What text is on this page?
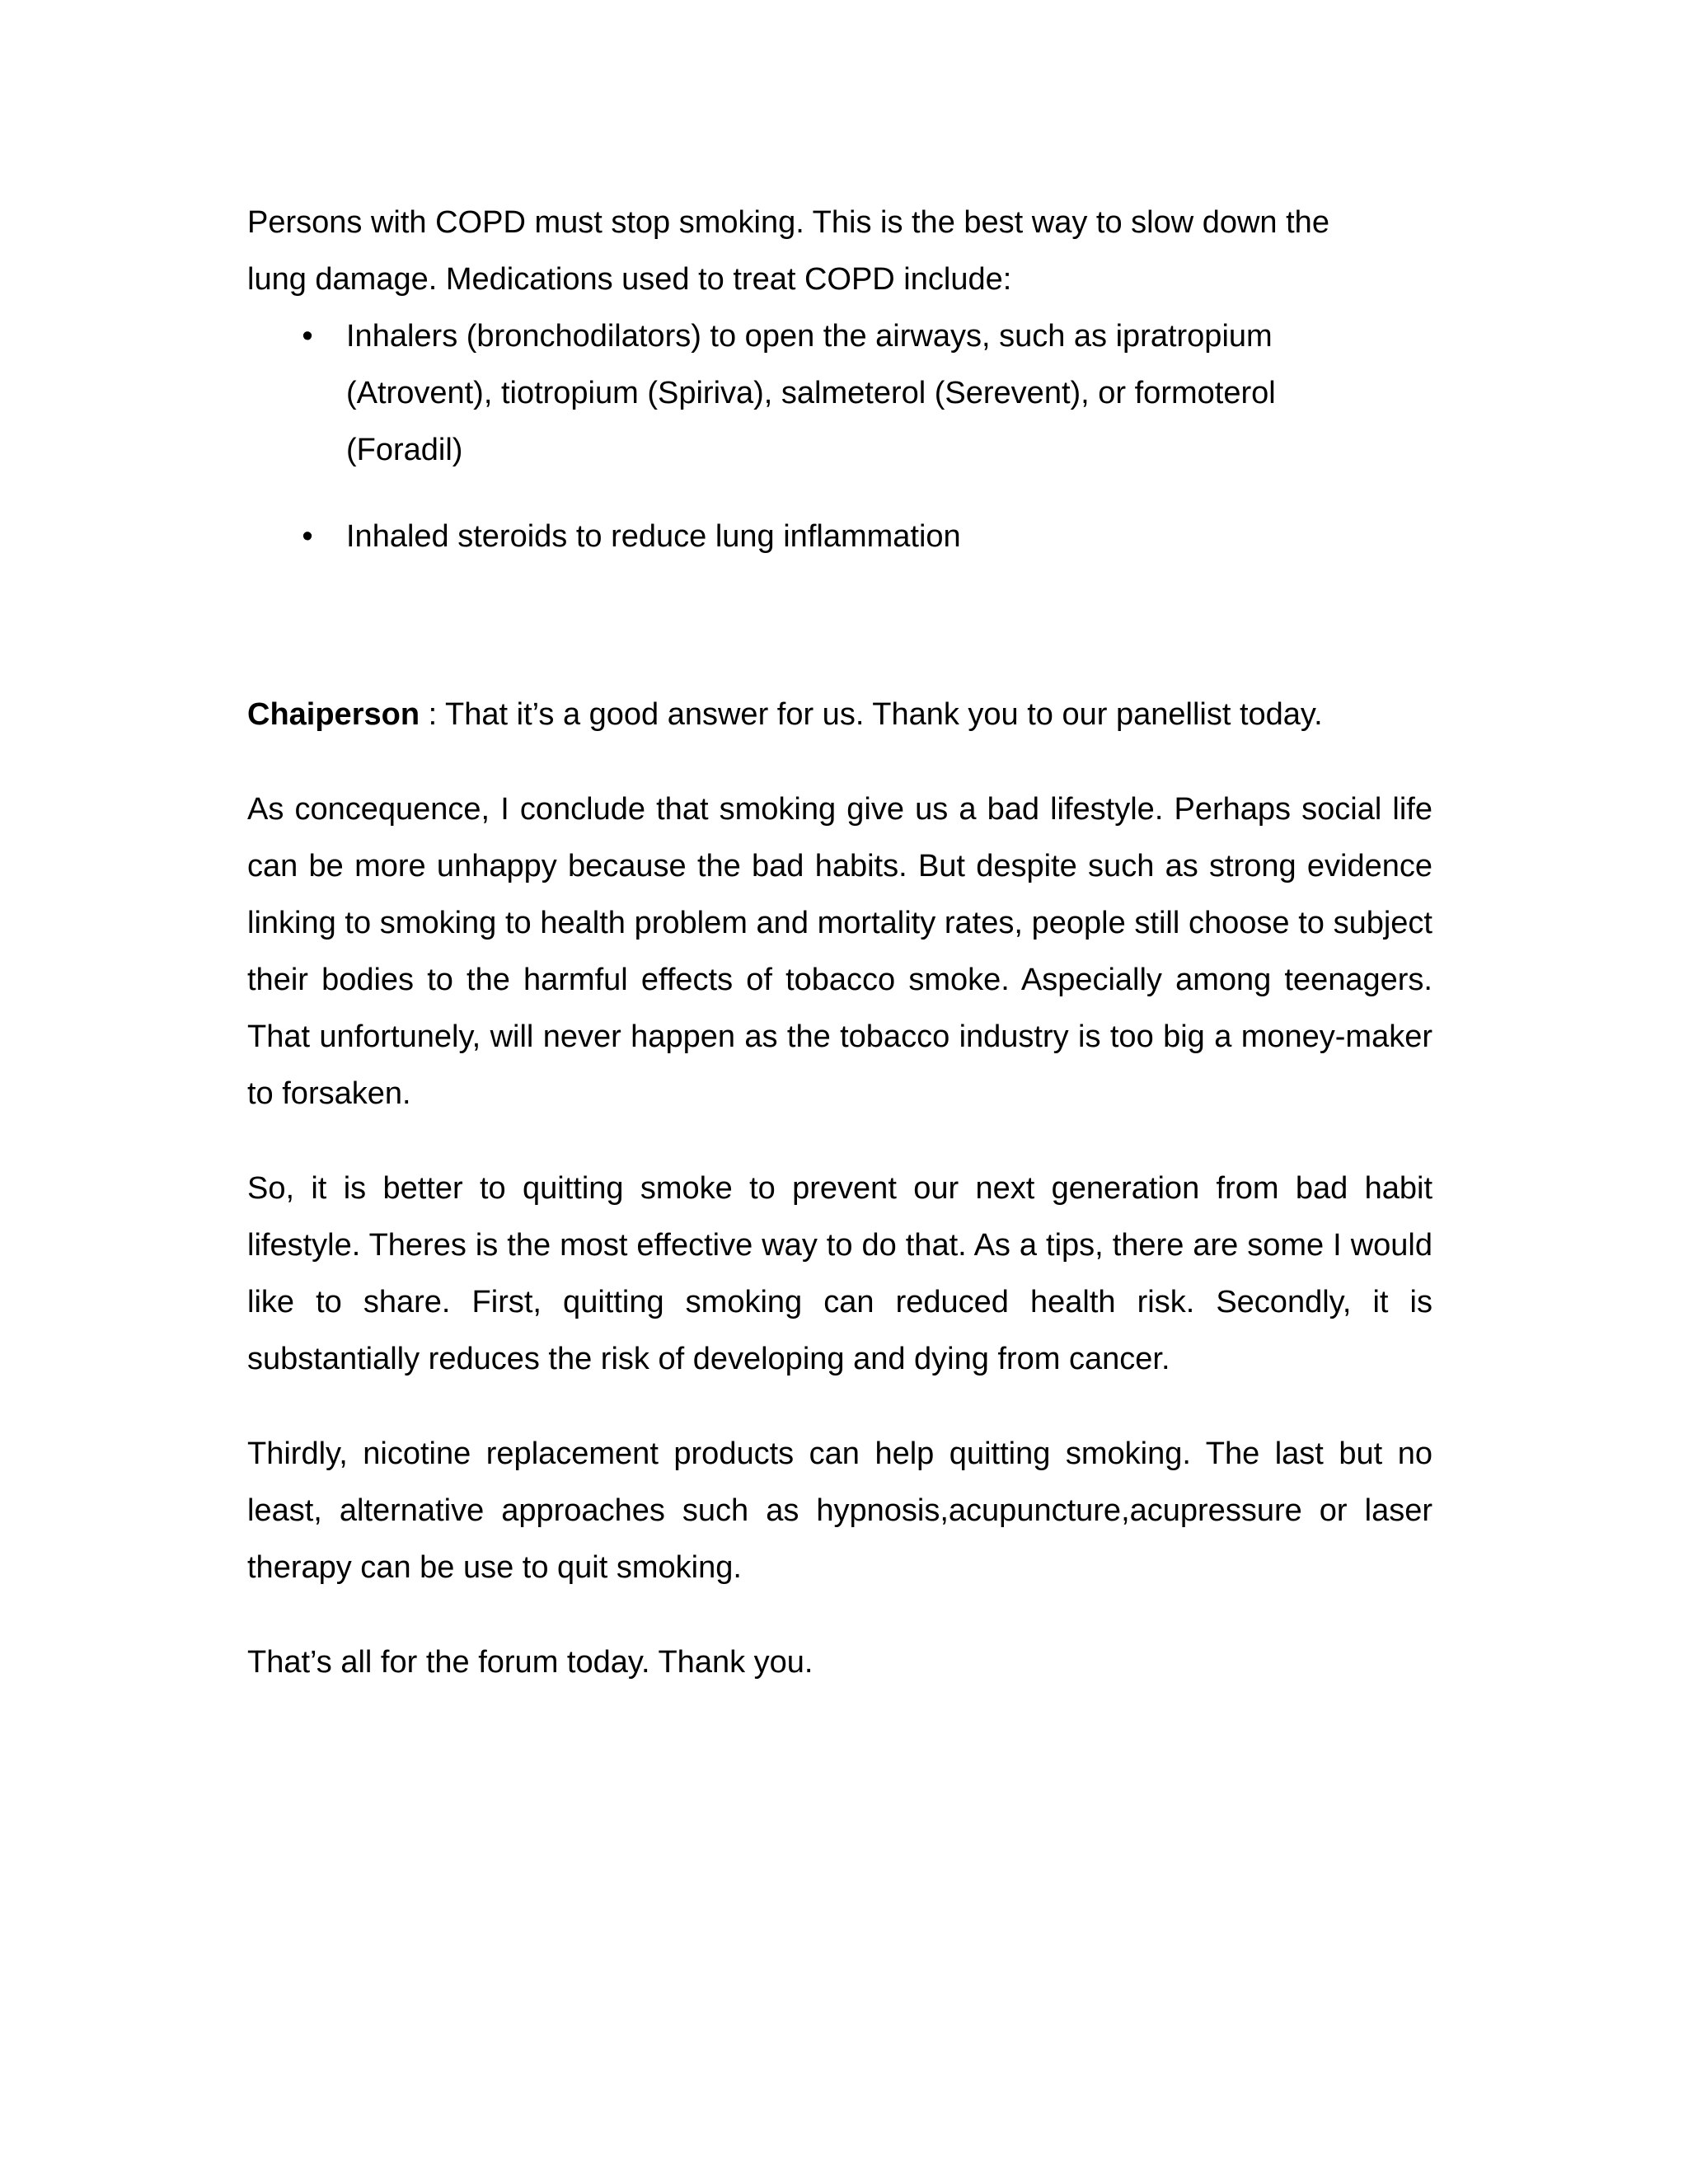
Persons with COPD must stop smoking. This is the best way to slow down the
lung damage. Medications used to treat COPD include:

• Inhalers (bronchodilators) to open the airways, such as ipratropium
(Atrovent), tiotropium (Spiriva), salmeterol (Serevent), or formoterol
(Foradil)
• Inhaled steroids to reduce lung inflammation

Chaiperson : That it’s a good answer for us. Thank you to our panellist today.

As concequence, I conclude that smoking give us a bad lifestyle. Perhaps social life can be more unhappy because the bad habits. But despite such as strong evidence linking to smoking to health problem and mortality rates, people still choose to subject their bodies to the harmful effects of tobacco smoke. Aspecially among teenagers. That unfortunely, will never happen as the tobacco industry is too big a money-maker to forsaken.

So, it is better to quitting smoke to prevent our next generation from bad habit lifestyle. Theres is the most effective way to do that. As a tips, there are some I would like to share. First, quitting smoking can reduced health risk. Secondly, it is substantially reduces the risk of developing and dying from cancer.

Thirdly, nicotine replacement products can help quitting smoking. The last but no least, alternative approaches such as hypnosis,acupuncture,acupressure or laser therapy can be use to quit smoking.

That’s all for the forum today. Thank you.
